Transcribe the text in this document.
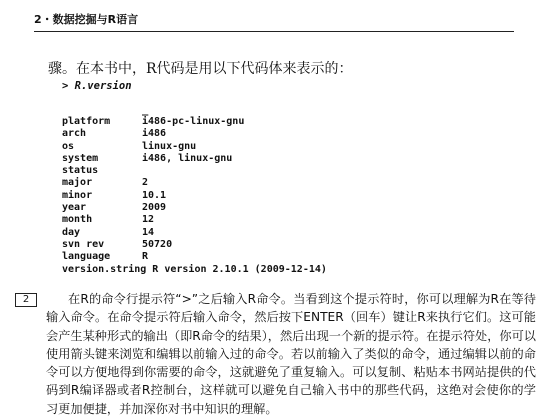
2・数据挖掘与R语言
骤。在本书中，R代码是用以下代码体来表示的：
> R.version
_
platform	i486-pc-linux-gnu
arch	i486
os	linux-gnu
system	i486, linux-gnu
status
major	2
minor	10.1
year	2009
month	12
day	14
svn rev	50720
language	R
version.string R version 2.10.1 (2009-12-14)
2	在R的命令行提示符“>”之后输入R命令。当看到这个提示符时，你可以理解为R在等待输入命令。在命令提示符后输入命令，然后按下ENTER（回车）键让R来执行它们。这可能会产生某种形式的输出（即R命令的结果），然后出现一个新的提示符。在提示符处，你可以使用箭头键来浏览和编辑以前输入过的命令。若以前输入了类似的命令，通过编辑以前的命令可以方便地得到你需要的命令，这就避免了重复输入。可以复制、粘贴本书网站提供的代码到R编译器或者R控制台，这样就可以避免自己输入书中的那些代码，这绝对会使你的学习更加便捷，并加深你对书中知识的理解。
